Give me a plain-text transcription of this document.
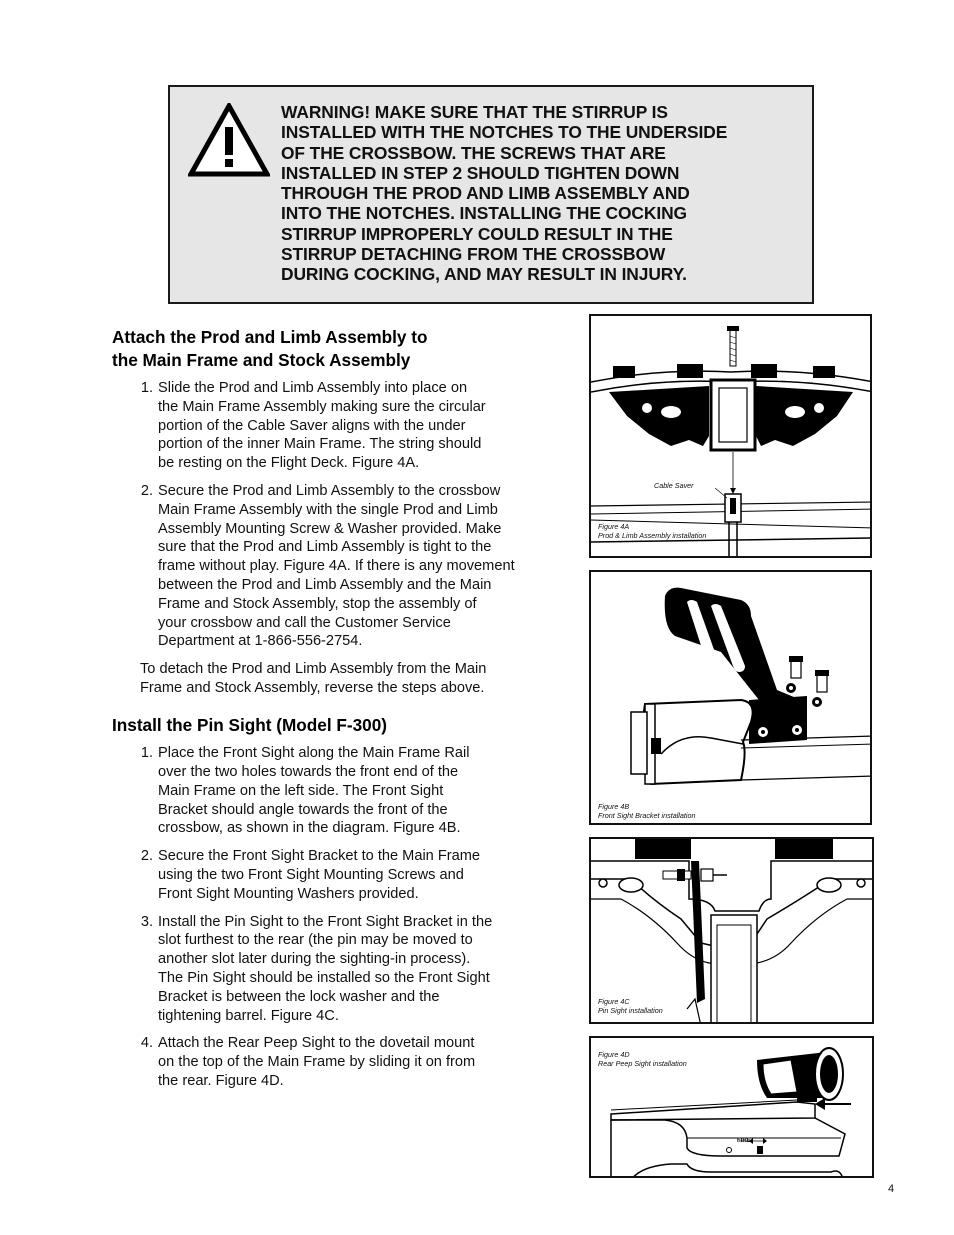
WARNING! MAKE SURE THAT THE STIRRUP IS
INSTALLED WITH THE NOTCHES TO THE UNDERSIDE
OF THE CROSSBOW. THE SCREWS THAT ARE
INSTALLED IN STEP 2 SHOULD TIGHTEN DOWN
THROUGH THE PROD AND LIMB ASSEMBLY AND
INTO THE NOTCHES. INSTALLING THE COCKING
STIRRUP IMPROPERLY COULD RESULT IN THE
STIRRUP DETACHING FROM THE CROSSBOW
DURING COCKING, AND MAY RESULT IN INJURY.
Attach the Prod and Limb Assembly to
the Main Frame and Stock Assembly
1. Slide the Prod and Limb Assembly into place on
the Main Frame Assembly making sure the circular
portion of the Cable Saver aligns with the under
portion of the inner Main Frame. The string should
be resting on the Flight Deck. Figure 4A.
2. Secure the Prod and Limb Assembly to the crossbow
Main Frame Assembly with the single Prod and Limb
Assembly Mounting Screw & Washer provided. Make
sure that the Prod and Limb Assembly is tight to the
frame without play. Figure 4A. If there is any movement
between the Prod and Limb Assembly and the Main
Frame and Stock Assembly, stop the assembly of
your crossbow and call the Customer Service
Department at 1-866-556-2754.

To detach the Prod and Limb Assembly from the Main
Frame and Stock Assembly, reverse the steps above.

Install the Pin Sight (Model F-300)
1. Place the Front Sight along the Main Frame Rail
over the two holes towards the front end of the
Main Frame on the left side. The Front Sight
Bracket should angle towards the front of the
crossbow, as shown in the diagram. Figure 4B.
2. Secure the Front Sight Bracket to the Main Frame
using the two Front Sight Mounting Screws and
Front Sight Mounting Washers provided.
3. Install the Pin Sight to the Front Sight Bracket in the
slot furthest to the rear (the pin may be moved to
another slot later during the sighting-in process).
The Pin Sight should be installed so the Front Sight
Bracket is between the lock washer and the
tightening barrel. Figure 4C.
4. Attach the Rear Peep Sight to the dovetail mount
on the top of the Main Frame by sliding it on from
the rear. Figure 4D.
Cable Saver
Figure 4A
Prod & Limb Assembly installation
Figure 4B
Front Sight Bracket installation
Figure 4C
Pin Sight installation
Figure 4D
Rear Peep Sight installation
FIRE
4
